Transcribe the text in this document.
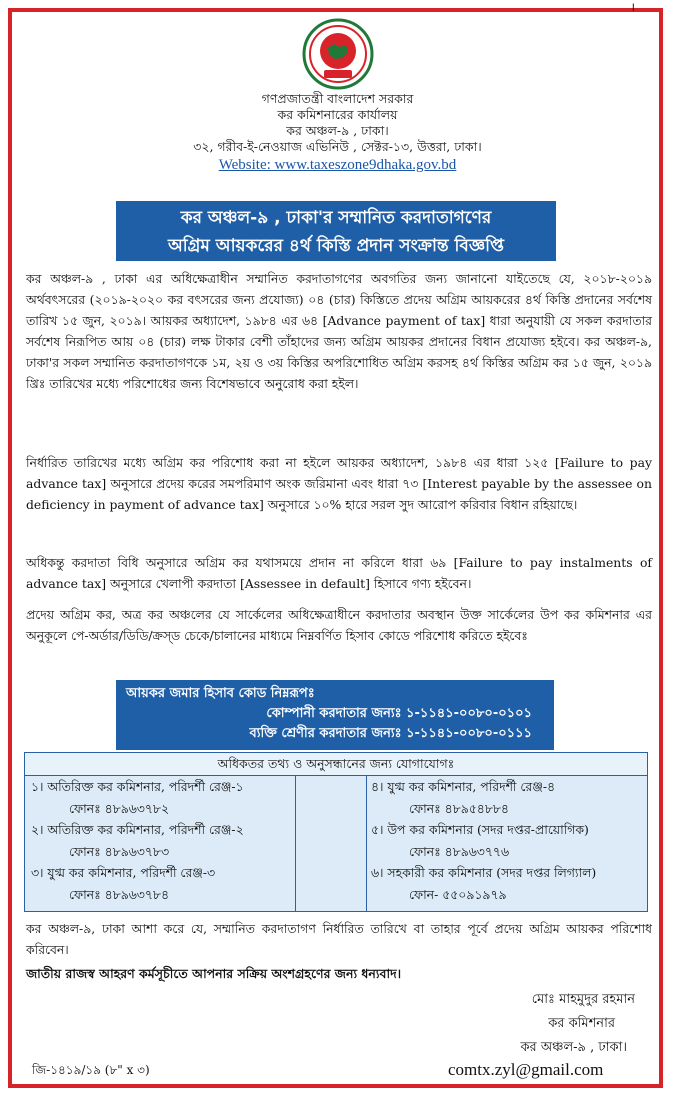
।
গণপ্রজাতন্ত্রী বাংলাদেশ সরকার
কর কমিশনারের কার্যালয়
কর অঞ্চল-৯ , ঢাকা।
৩২, গরীব-ই-নেওয়াজ এভিনিউ , সেক্টর-১৩, উত্তরা, ঢাকা।
Website: www.taxeszone9dhaka.gov.bd
কর অঞ্চল-৯ , ঢাকা'র সম্মানিত করদাতাগণের
অগ্রিম আয়করের ৪র্থ কিস্তি প্রদান সংক্রান্ত বিজ্ঞপ্তি
কর অঞ্চল-৯ , ঢাকা এর অধিক্ষেত্রাধীন সম্মানিত করদাতাগণের অবগতির জন্য জানানো যাইতেছে যে, ২০১৮-২০১৯ অর্থবৎসরের (২০১৯-২০২০ কর বৎসরের জন্য প্রযোজ্য) ০৪ (চার) কিস্তিতে প্রদেয় অগ্রিম আয়করের ৪র্থ কিস্তি প্রদানের সর্বশেষ তারিখ ১৫ জুন, ২০১৯। আয়কর অধ্যাদেশ, ১৯৮৪ এর ৬৪ [Advance payment of tax] ধারা অনুযায়ী যে সকল করদাতার সর্বশেষ নিরূপিত আয় ০৪ (চার) লক্ষ টাকার বেশী তাঁহাদের জন্য অগ্রিম আয়কর প্রদানের বিধান প্রযোজ্য হইবে। কর অঞ্চল-৯, ঢাকা'র সকল সম্মানিত করদাতাগণকে ১ম, ২য় ও ৩য় কিস্তির অপরিশোধিত অগ্রিম করসহ ৪র্থ কিস্তির অগ্রিম কর ১৫ জুন, ২০১৯ খ্রিঃ তারিখের মধ্যে পরিশোধের জন্য বিশেষভাবে অনুরোধ করা হইল।
নির্ধারিত তারিখের মধ্যে অগ্রিম কর পরিশোধ করা না হইলে আয়কর অধ্যাদেশ, ১৯৮৪ এর ধারা ১২৫ [Failure to pay advance tax] অনুসারে প্রদেয় করের সমপরিমাণ অংক জরিমানা এবং ধারা ৭৩ [Interest payable by the assessee on deficiency in payment of advance tax] অনুসারে ১০% হারে সরল সুদ আরোপ করিবার বিধান রহিয়াছে।
অধিকন্তু করদাতা বিধি অনুসারে অগ্রিম কর যথাসময়ে প্রদান না করিলে ধারা ৬৯ [Failure to pay instalments of advance tax] অনুসারে খেলাপী করদাতা [Assessee in default] হিসাবে গণ্য হইবেন।
প্রদেয় অগ্রিম কর, অত্র কর অঞ্চলের যে সার্কেলের অধিক্ষেত্রাধীনে করদাতার অবস্থান উক্ত সার্কেলের উপ কর কমিশনার এর অনুকূলে পে-অর্ডার/ডিডি/ক্রস্ড চেকে/চালানের মাধ্যমে নিম্নবর্ণিত হিসাব কোডে পরিশোধ করিতে হইবেঃ
আয়কর জমার হিসাব কোড নিম্নরূপঃ
কোম্পানী করদাতার জন্যঃ ১-১১৪১-০০৮০-০১০১
ব্যক্তি শ্রেণীর করদাতার জন্যঃ ১-১১৪১-০০৮০-০১১১
অধিকতর তথ্য ও অনুসন্ধানের জন্য যোগাযোগঃ
১। অতিরিক্ত কর কমিশনার, পরিদর্শী রেঞ্জ-১
ফোনঃ ৪৮৯৬৩৭৮২
২। অতিরিক্ত কর কমিশনার, পরিদর্শী রেঞ্জ-২
ফোনঃ ৪৮৯৬৩৭৮৩
৩। যুগ্ম কর কমিশনার, পরিদর্শী রেঞ্জ-৩
ফোনঃ ৪৮৯৬৩৭৮৪
৪। যুগ্ম কর কমিশনার, পরিদর্শী রেঞ্জ-৪
ফোনঃ ৪৮৯৫৪৮৮৪
৫। উপ কর কমিশনার (সদর দপ্তর-প্রায়োগিক)
ফোনঃ ৪৮৯৬৩৭৭৬
৬। সহকারী কর কমিশনার (সদর দপ্তর লিগ্যাল)
ফোন- ৫৫০৯১৯৭৯
কর অঞ্চল-৯, ঢাকা আশা করে যে, সম্মানিত করদাতাগণ নির্ধারিত তারিখে বা তাহার পূর্বে প্রদেয় অগ্রিম আয়কর পরিশোধ করিবেন।
জাতীয় রাজস্ব আহরণ কর্মসূচীতে আপনার সক্রিয় অংশগ্রহণের জন্য ধন্যবাদ।
মোঃ মাহমুদুর রহমান
কর কমিশনার
কর অঞ্চল-৯ , ঢাকা।
comtx.zyl@gmail.com
জি-১৪১৯/১৯ (৮" x ৩)
